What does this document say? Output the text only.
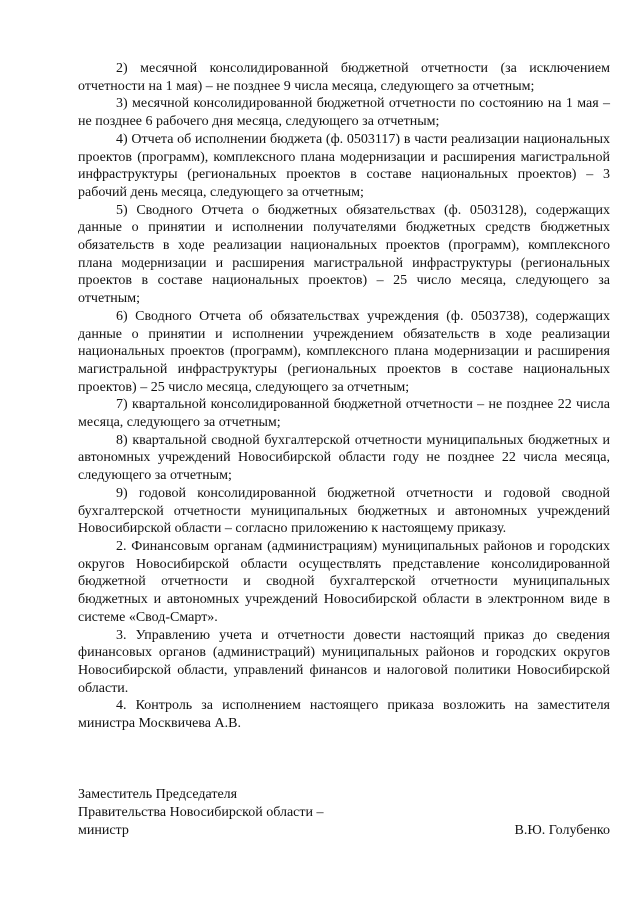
2) месячной консолидированной бюджетной отчетности (за исключением отчетности на 1 мая) – не позднее 9 числа месяца, следующего за отчетным;

3) месячной консолидированной бюджетной отчетности по состоянию на 1 мая – не позднее 6 рабочего дня месяца, следующего за отчетным;

4) Отчета об исполнении бюджета (ф. 0503117) в части реализации национальных проектов (программ), комплексного плана модернизации и расширения магистральной инфраструктуры (региональных проектов в составе национальных проектов) – 3 рабочий день месяца, следующего за отчетным;

5) Сводного Отчета о бюджетных обязательствах (ф. 0503128), содержащих данные о принятии и исполнении получателями бюджетных средств бюджетных обязательств в ходе реализации национальных проектов (программ), комплексного плана модернизации и расширения магистральной инфраструктуры (региональных проектов в составе национальных проектов) – 25 число месяца, следующего за отчетным;

6) Сводного Отчета об обязательствах учреждения (ф. 0503738), содержащих данные о принятии и исполнении учреждением обязательств в ходе реализации национальных проектов (программ), комплексного плана модернизации и расширения магистральной инфраструктуры (региональных проектов в составе национальных проектов) – 25 число месяца, следующего за отчетным;

7) квартальной консолидированной бюджетной отчетности – не позднее 22 числа месяца, следующего за отчетным;

8) квартальной сводной бухгалтерской отчетности муниципальных бюджетных и автономных учреждений Новосибирской области году не позднее 22 числа месяца, следующего за отчетным;

9) годовой консолидированной бюджетной отчетности и годовой сводной бухгалтерской отчетности муниципальных бюджетных и автономных учреждений Новосибирской области – согласно приложению к настоящему приказу.

2. Финансовым органам (администрациям) муниципальных районов и городских округов Новосибирской области осуществлять представление консолидированной бюджетной отчетности и сводной бухгалтерской отчетности муниципальных бюджетных и автономных учреждений Новосибирской области в электронном виде в системе «Свод-Смарт».

3. Управлению учета и отчетности довести настоящий приказ до сведения финансовых органов (администраций) муниципальных районов и городских округов Новосибирской области, управлений финансов и налоговой политики Новосибирской области.

4. Контроль за исполнением настоящего приказа возложить на заместителя министра Москвичева А.В.

Заместитель Председателя
Правительства Новосибирской области –
министр	В.Ю. Голубенко
